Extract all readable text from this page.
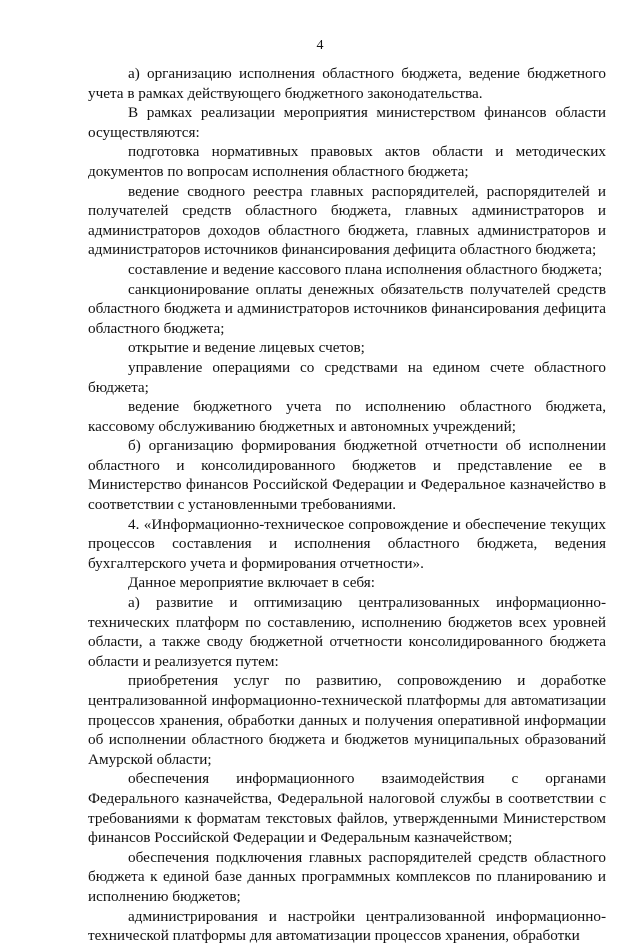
4

а) организацию исполнения областного бюджета, ведение бюджетного учета в рамках действующего бюджетного законодательства.

В рамках реализации мероприятия министерством финансов области осуществляются:

подготовка нормативных правовых актов области и методических документов по вопросам исполнения областного бюджета;

ведение сводного реестра главных распорядителей, распорядителей и получателей средств областного бюджета, главных администраторов и администраторов доходов областного бюджета, главных администраторов и администраторов источников финансирования дефицита областного бюджета;

составление и ведение кассового плана исполнения областного бюджета;

санкционирование оплаты денежных обязательств получателей средств областного бюджета и администраторов источников финансирования дефицита областного бюджета;

открытие и ведение лицевых счетов;

управление операциями со средствами на едином счете областного бюджета;

ведение бюджетного учета по исполнению областного бюджета, кассовому обслуживанию бюджетных и автономных учреждений;

б) организацию формирования бюджетной отчетности об исполнении областного и консолидированного бюджетов и представление ее в Министерство финансов Российской Федерации и Федеральное казначейство в соответствии с установленными требованиями.

4. «Информационно-техническое сопровождение и обеспечение текущих процессов составления и исполнения областного бюджета, ведения бухгалтерского учета и формирования отчетности».

Данное мероприятие включает в себя:

а) развитие и оптимизацию централизованных информационно-технических платформ по составлению, исполнению бюджетов всех уровней области, а также своду бюджетной отчетности консолидированного бюджета области и реализуется путем:

приобретения услуг по развитию, сопровождению и доработке централизованной информационно-технической платформы для автоматизации процессов хранения, обработки данных и получения оперативной информации об исполнении областного бюджета и бюджетов муниципальных образований Амурской области;

обеспечения информационного взаимодействия с органами Федерального казначейства, Федеральной налоговой службы в соответствии с требованиями к форматам текстовых файлов, утвержденными Министерством финансов Российской Федерации и Федеральным казначейством;

обеспечения подключения главных распорядителей средств областного бюджета к единой базе данных программных комплексов по планированию и исполнению бюджетов;

администрирования и настройки централизованной информационно-технической платформы для автоматизации процессов хранения, обработки
